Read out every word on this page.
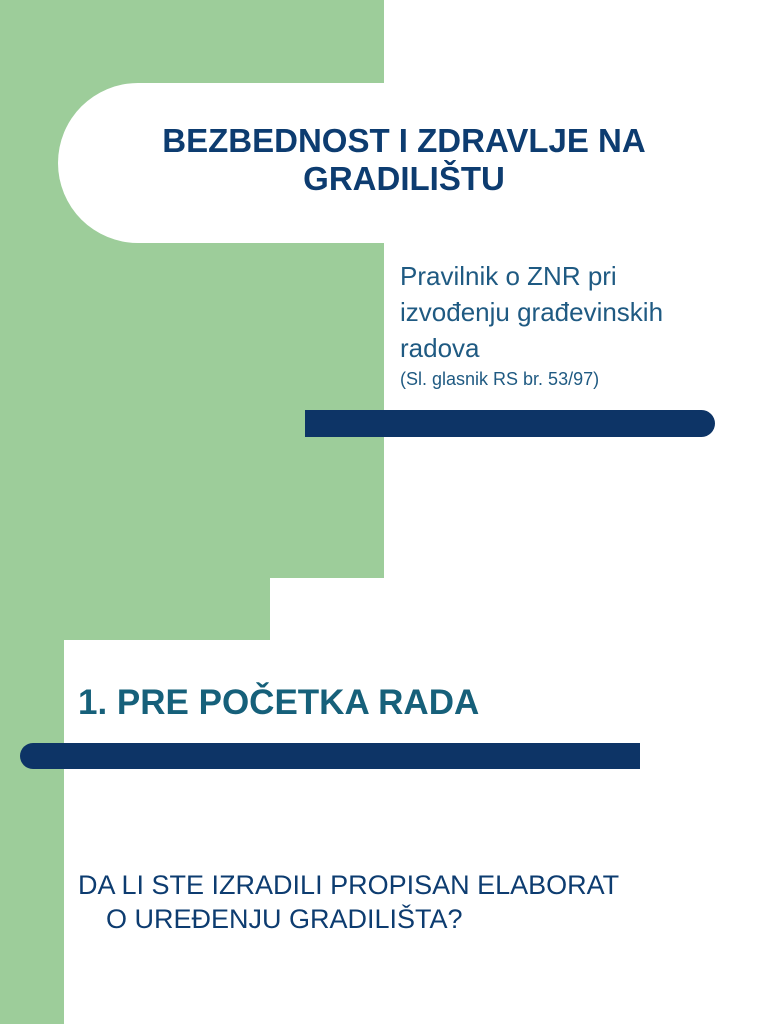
BEZBEDNOST I ZDRAVLJE NA GRADILIŠTU
Pravilnik o ZNR pri
izvođenju građevinskih
radova
(Sl. glasnik RS br. 53/97)
1. PRE POČETKA RADA
DA LI STE IZRADILI PROPISAN ELABORAT
O UREĐENJU GRADILIŠTA?
